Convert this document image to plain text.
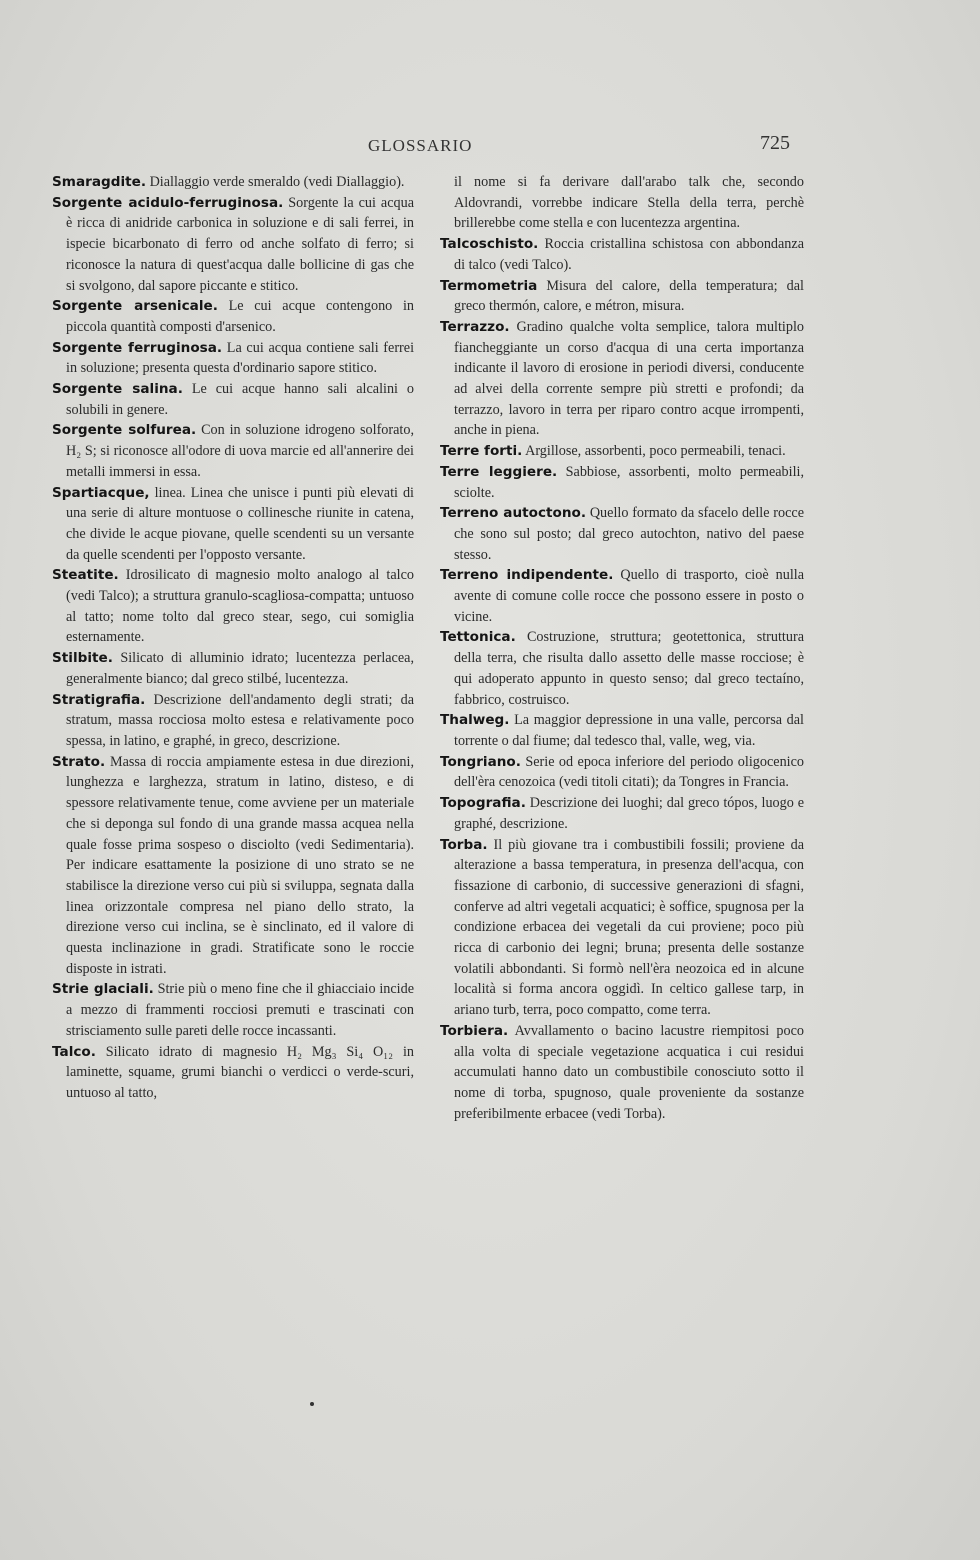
GLOSSARIO	725

Smaragdite. Diallaggio verde smeraldo (vedi Diallaggio).

Sorgente acidulo-ferruginosa. Sorgente la cui acqua è ricca di anidride carbonica in soluzione e di sali ferrei, in ispecie bicarbonato di ferro od anche solfato di ferro; si riconosce la natura di quest'acqua dalle bollicine di gas che si svolgono, dal sapore piccante e stitico.

Sorgente arsenicale. Le cui acque contengono in piccola quantità composti d'arsenico.

Sorgente ferruginosa. La cui acqua contiene sali ferrei in soluzione; presenta questa d'ordinario sapore stitico.

Sorgente salina. Le cui acque hanno sali alcalini o solubili in genere.

Sorgente solfurea. Con in soluzione idrogeno solforato, H₂ S; si riconosce all'odore di uova marcie ed all'annerire dei metalli immersi in essa.

Spartiacque, linea. Linea che unisce i punti più elevati di una serie di alture montuose o collinesche riunite in catena, che divide le acque piovane, quelle scendenti su un versante da quelle scendenti per l'opposto versante.

Steatite. Idrosilicato di magnesio molto analogo al talco (vedi Talco); a struttura granulo-scagliosa-compatta; untuoso al tatto; nome tolto dal greco stear, sego, cui somiglia esternamente.

Stilbite. Silicato di alluminio idrato; lucentezza perlacea, generalmente bianco; dal greco stilbé, lucentezza.

Stratigrafia. Descrizione dell'andamento degli strati; da stratum, massa rocciosa molto estesa e relativamente poco spessa, in latino, e graphé, in greco, descrizione.

Strato. Massa di roccia ampiamente estesa in due direzioni, lunghezza e larghezza, stratum in latino, disteso, e di spessore relativamente tenue, come avviene per un materiale che si deponga sul fondo di una grande massa acquea nella quale fosse prima sospeso o disciolto (vedi Sedimentaria). Per indicare esattamente la posizione di uno strato se ne stabilisce la direzione verso cui più si sviluppa, segnata dalla linea orizzontale compresa nel piano dello strato, la direzione verso cui inclina, se è sinclinato, ed il valore di questa inclinazione in gradi. Stratificate sono le roccie disposte in istrati.

Strie glaciali. Strie più o meno fine che il ghiacciaio incide a mezzo di frammenti rocciosi premuti e trascinati con strisciamento sulle pareti delle rocce incassanti.

Talco. Silicato idrato di magnesio H₂ Mg₃ Si₄ O₁₂ in laminette, squame, grumi bianchi o verdicci o verde-scuri, untuoso al tatto,

il nome si fa derivare dall'arabo talk che, secondo Aldovrandi, vorrebbe indicare Stella della terra, perchè brillerebbe come stella e con lucentezza argentina.

Talcoschisto. Roccia cristallina schistosa con abbondanza di talco (vedi Talco).

Termometria Misura del calore, della temperatura; dal greco thermón, calore, e métron, misura.

Terrazzo. Gradino qualche volta semplice, talora multiplo fiancheggiante un corso d'acqua di una certa importanza indicante il lavoro di erosione in periodi diversi, conducente ad alvei della corrente sempre più stretti e profondi; da terrazzo, lavoro in terra per riparo contro acque irrompenti, anche in piena.

Terre forti. Argillose, assorbenti, poco permeabili, tenaci.

Terre leggiere. Sabbiose, assorbenti, molto permeabili, sciolte.

Terreno autoctono. Quello formato da sfacelo delle rocce che sono sul posto; dal greco autochton, nativo del paese stesso.

Terreno indipendente. Quello di trasporto, cioè nulla avente di comune colle rocce che possono essere in posto o vicine.

Tettonica. Costruzione, struttura; geotettonica, struttura della terra, che risulta dallo assetto delle masse rocciose; è qui adoperato appunto in questo senso; dal greco tectaíno, fabbrico, costruisco.

Thalweg. La maggior depressione in una valle, percorsa dal torrente o dal fiume; dal tedesco thal, valle, weg, via.

Tongriano. Serie od epoca inferiore del periodo oligocenico dell'èra cenozoica (vedi titoli citati); da Tongres in Francia.

Topografia. Descrizione dei luoghi; dal greco tópos, luogo e graphé, descrizione.

Torba. Il più giovane tra i combustibili fossili; proviene da alterazione a bassa temperatura, in presenza dell'acqua, con fissazione di carbonio, di successive generazioni di sfagni, conferve ad altri vegetali acquatici; è soffice, spugnosa per la condizione erbacea dei vegetali da cui proviene; poco più ricca di carbonio dei legni; bruna; presenta delle sostanze volatili abbondanti. Si formò nell'èra neozoica ed in alcune località si forma ancora oggidì. In celtico gallese tarp, in ariano turb, terra, poco compatto, come terra.

Torbiera. Avvallamento o bacino lacustre riempitosi poco alla volta di speciale vegetazione acquatica i cui residui accumulati hanno dato un combustibile conosciuto sotto il nome di torba, spugnoso, quale proveniente da sostanze preferibilmente erbacee (vedi Torba).
